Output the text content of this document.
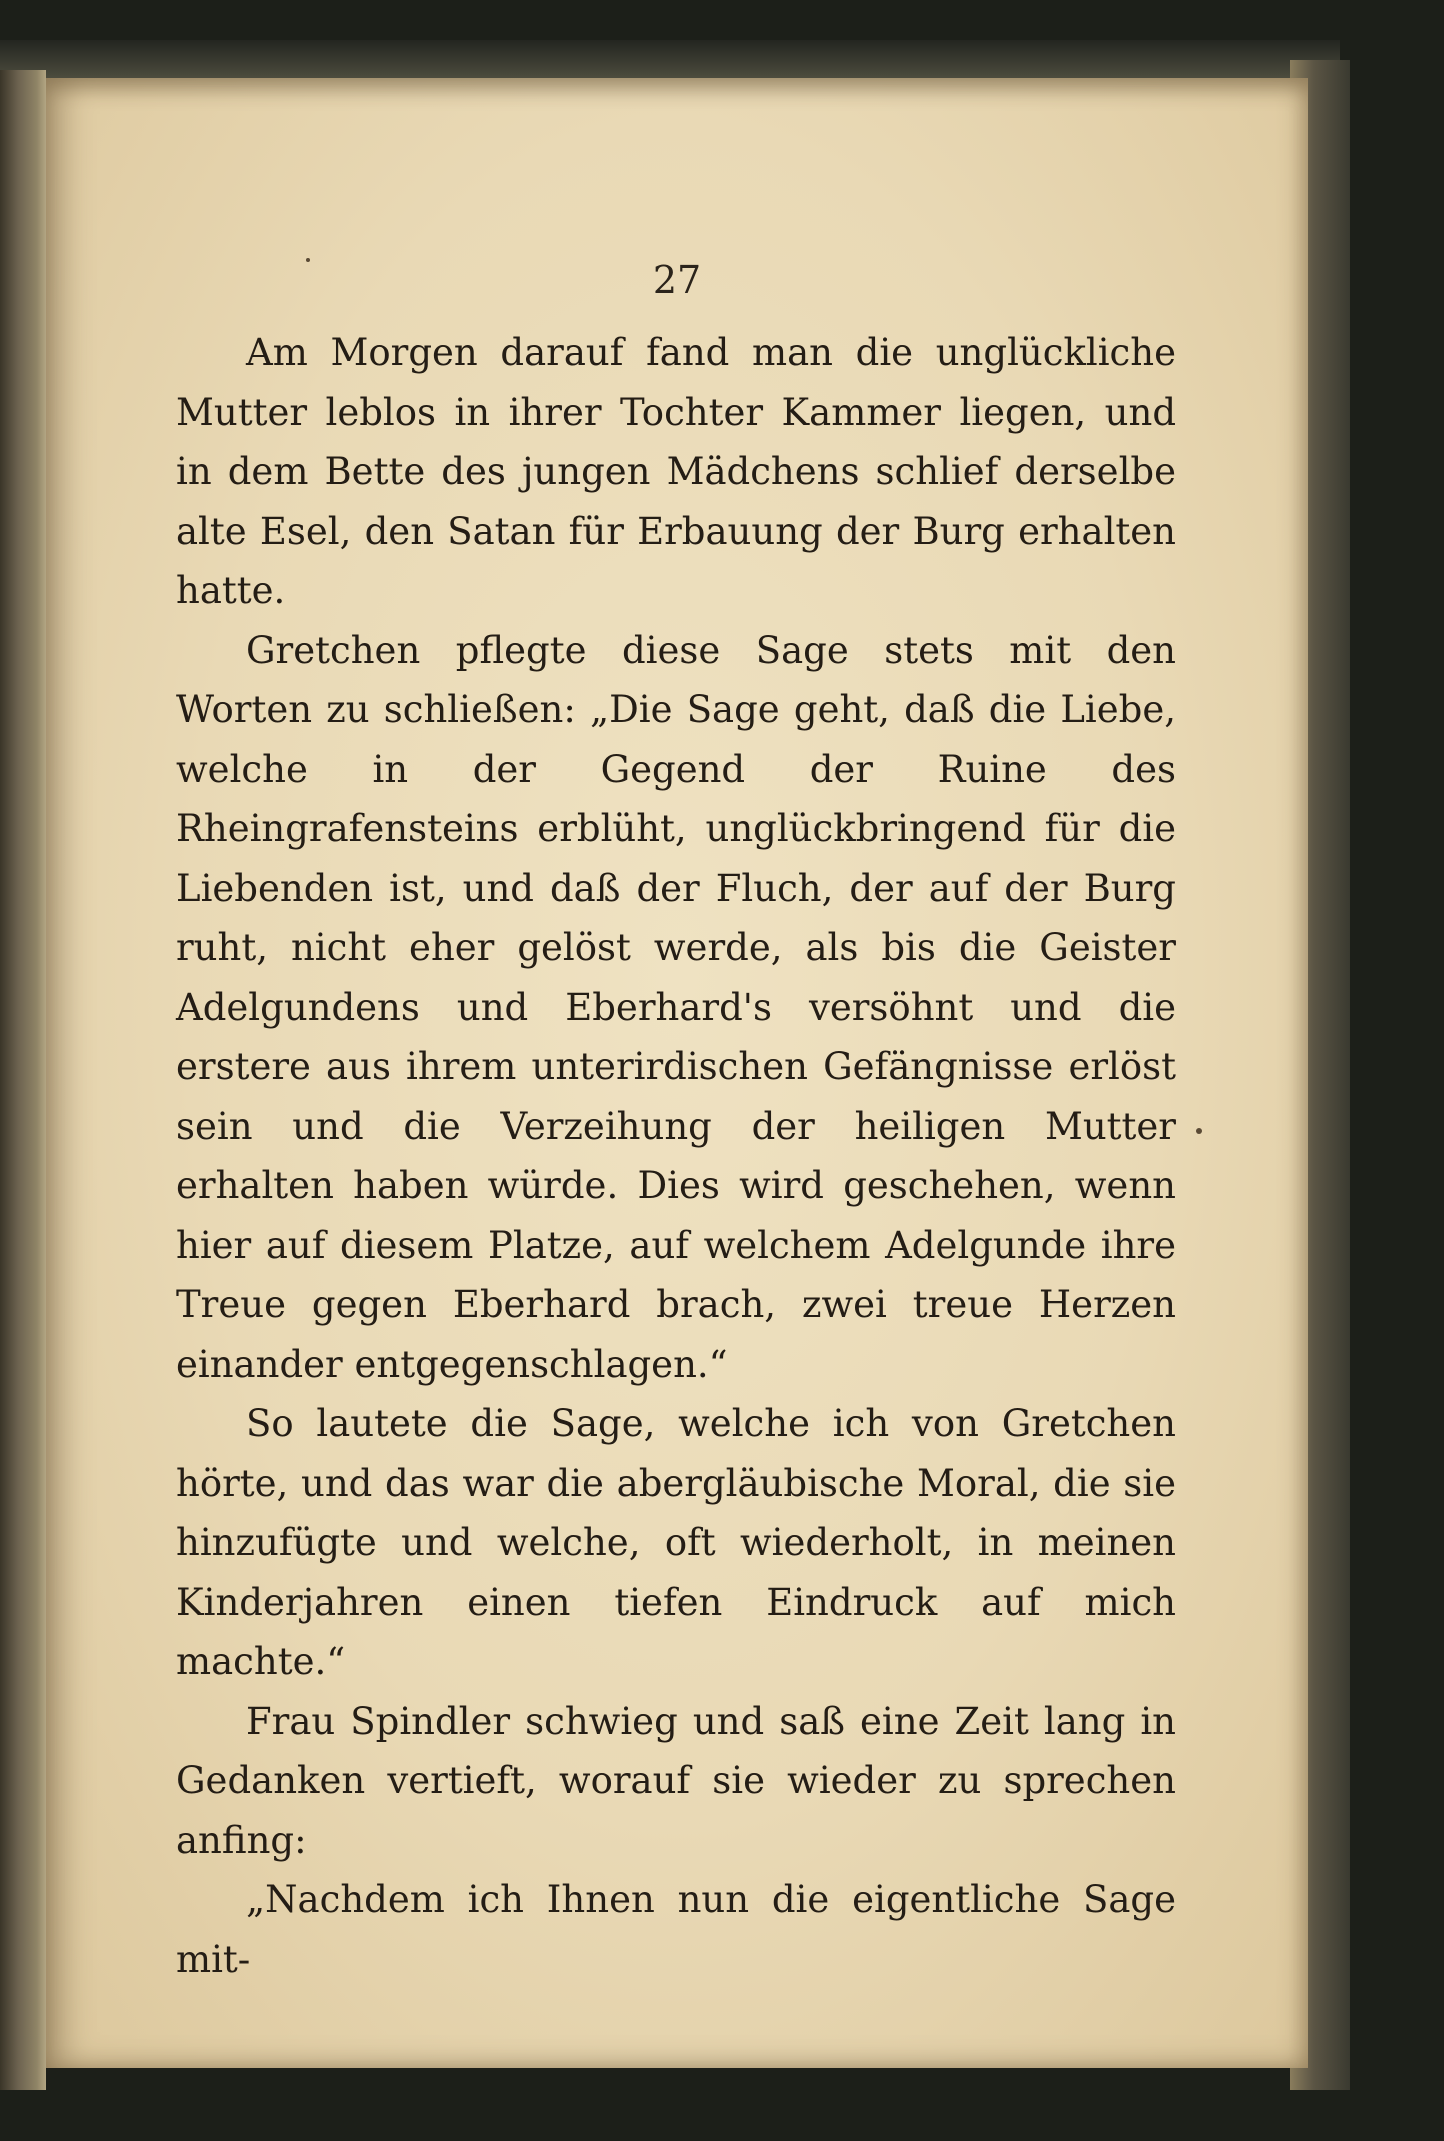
27

Am Morgen darauf fand man die unglückliche Mutter leblos in ihrer Tochter Kammer liegen, und in dem Bette des jungen Mädchens schlief derselbe alte Esel, den Satan für Erbauung der Burg erhalten hatte.

Gretchen pflegte diese Sage stets mit den Worten zu schließen: „Die Sage geht, daß die Liebe, welche in der Gegend der Ruine des Rheingrafensteins erblüht, unglückbringend für die Liebenden ist, und daß der Fluch, der auf der Burg ruht, nicht eher gelöst werde, als bis die Geister Adelgundens und Eberhard's versöhnt und die erstere aus ihrem unterirdischen Gefängnisse erlöst sein und die Verzeihung der heiligen Mutter erhalten haben würde. Dies wird geschehen, wenn hier auf diesem Platze, auf welchem Adelgunde ihre Treue gegen Eberhard brach, zwei treue Herzen einander entgegenschlagen.“

So lautete die Sage, welche ich von Gretchen hörte, und das war die abergläubische Moral, die sie hinzufügte und welche, oft wiederholt, in meinen Kinderjahren einen tiefen Eindruck auf mich machte.“

Frau Spindler schwieg und saß eine Zeit lang in Gedanken vertieft, worauf sie wieder zu sprechen anfing:

„Nachdem ich Ihnen nun die eigentliche Sage mit-
